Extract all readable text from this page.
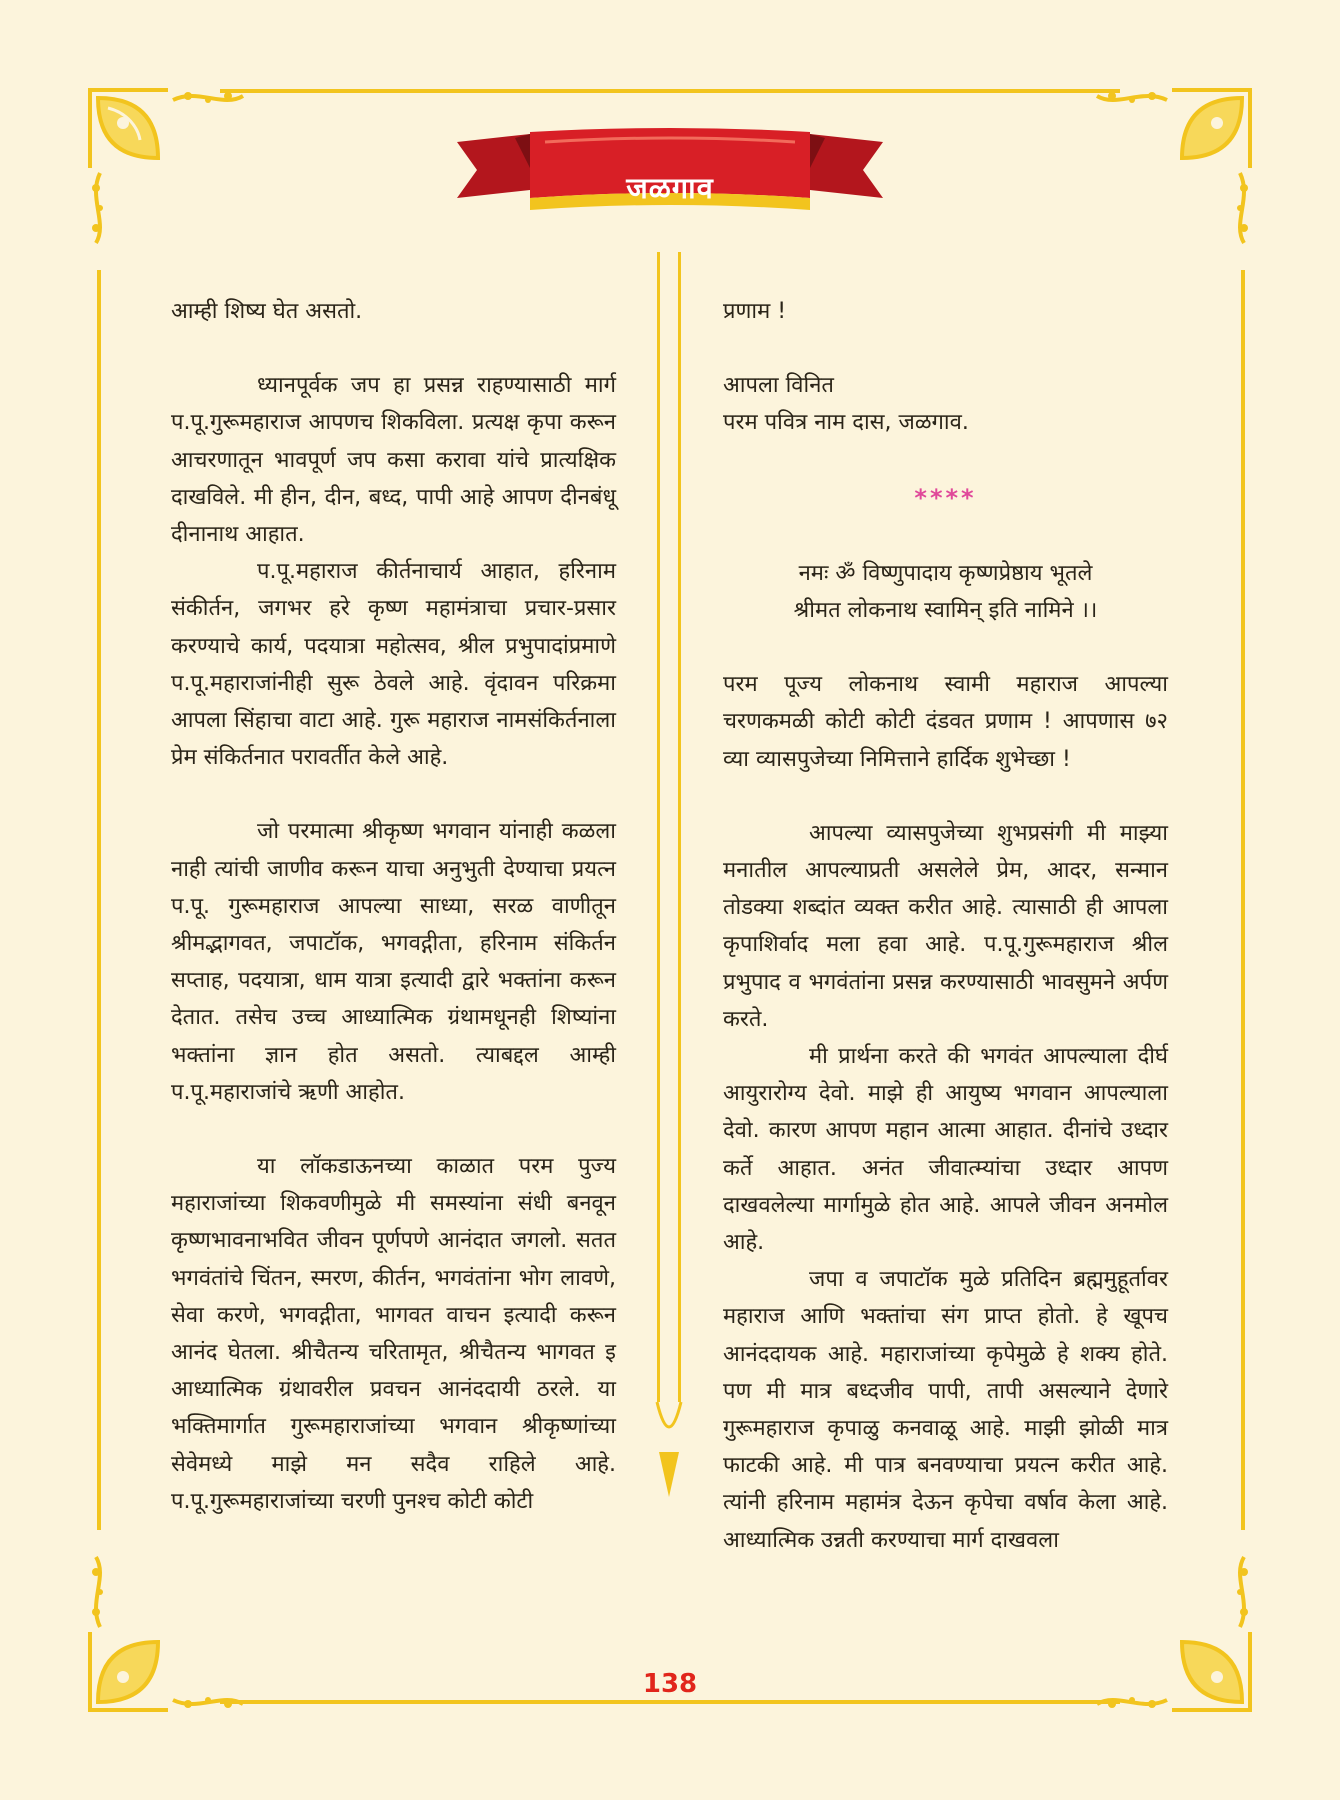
जळगाव

आम्ही शिष्य घेत असतो.

ध्यानपूर्वक जप हा प्रसन्न राहण्यासाठी मार्ग प.पू.गुरूमहाराज आपणच शिकविला. प्रत्यक्ष कृपा करून आचरणातून भावपूर्ण जप कसा करावा यांचे प्रात्यक्षिक दाखविले. मी हीन, दीन, बध्द, पापी आहे आपण दीनबंधू दीनानाथ आहात.

प.पू.महाराज कीर्तनाचार्य आहात, हरिनाम संकीर्तन, जगभर हरे कृष्ण महामंत्राचा प्रचार-प्रसार करण्याचे कार्य, पदयात्रा महोत्सव, श्रील प्रभुपादांप्रमाणे प.पू.महाराजांनीही सुरू ठेवले आहे. वृंदावन परिक्रमा आपला सिंहाचा वाटा आहे. गुरू महाराज नामसंकिर्तनाला प्रेम संकिर्तनात परावर्तीत केले आहे.

जो परमात्मा श्रीकृष्ण भगवान यांनाही कळला नाही त्यांची जाणीव करून याचा अनुभुती देण्याचा प्रयत्न प.पू. गुरूमहाराज आपल्या साध्या, सरळ वाणीतून श्रीमद्भागवत, जपाटॉक, भगवद्गीता, हरिनाम संकिर्तन सप्ताह, पदयात्रा, धाम यात्रा इत्यादी द्वारे भक्तांना करून देतात. तसेच उच्च आध्यात्मिक ग्रंथामधूनही शिष्यांना भक्तांना ज्ञान होत असतो. त्याबद्दल आम्ही प.पू.महाराजांचे ऋणी आहोत.

या लॉकडाऊनच्या काळात परम पुज्य महाराजांच्या शिकवणीमुळे मी समस्यांना संधी बनवून कृष्णभावनाभवित जीवन पूर्णपणे आनंदात जगलो. सतत भगवंतांचे चिंतन, स्मरण, कीर्तन, भगवंतांना भोग लावणे, सेवा करणे, भगवद्गीता, भागवत वाचन इत्यादी करून आनंद घेतला. श्रीचैतन्य चरितामृत, श्रीचैतन्य भागवत इ आध्यात्मिक ग्रंथावरील प्रवचन आनंददायी ठरले. या भक्तिमार्गात गुरूमहाराजांच्या भगवान श्रीकृष्णांच्या सेवेमध्ये माझे मन सदैव राहिले आहे. प.पू.गुरूमहाराजांच्या चरणी पुनश्च कोटी कोटी

प्रणाम !

आपला विनित

परम पवित्र नाम दास, जळगाव.

****

नमः ॐ विष्णुपादाय कृष्णप्रेष्ठाय भूतले

श्रीमत लोकनाथ स्वामिन् इति नामिने ।।

परम पूज्य लोकनाथ स्वामी महाराज आपल्या चरणकमळी कोटी कोटी दंडवत प्रणाम ! आपणास ७२ व्या व्यासपुजेच्या निमित्ताने हार्दिक शुभेच्छा !

आपल्या व्यासपुजेच्या शुभप्रसंगी मी माझ्या मनातील आपल्याप्रती असलेले प्रेम, आदर, सन्मान तोडक्या शब्दांत व्यक्त करीत आहे. त्यासाठी ही आपला कृपाशिर्वाद मला हवा आहे. प.पू.गुरूमहाराज श्रील प्रभुपाद व भगवंतांना प्रसन्न करण्यासाठी भावसुमने अर्पण करते.

मी प्रार्थना करते की भगवंत आपल्याला दीर्घ आयुरारोग्य देवो. माझे ही आयुष्य भगवान आपल्याला देवो. कारण आपण महान आत्मा आहात. दीनांचे उध्दार कर्ते आहात. अनंत जीवात्म्यांचा उध्दार आपण दाखवलेल्या मार्गामुळे होत आहे. आपले जीवन अनमोल आहे.

जपा व जपाटॉक मुळे प्रतिदिन ब्रह्ममुहूर्तावर महाराज आणि भक्तांचा संग प्राप्त होतो. हे खूपच आनंददायक आहे. महाराजांच्या कृपेमुळे हे शक्य होते. पण मी मात्र बध्दजीव पापी, तापी असल्याने देणारे गुरूमहाराज कृपाळु कनवाळू आहे. माझी झोळी मात्र फाटकी आहे. मी पात्र बनवण्याचा प्रयत्न करीत आहे. त्यांनी हरिनाम महामंत्र देऊन कृपेचा वर्षाव केला आहे. आध्यात्मिक उन्नती करण्याचा मार्ग दाखवला

138
